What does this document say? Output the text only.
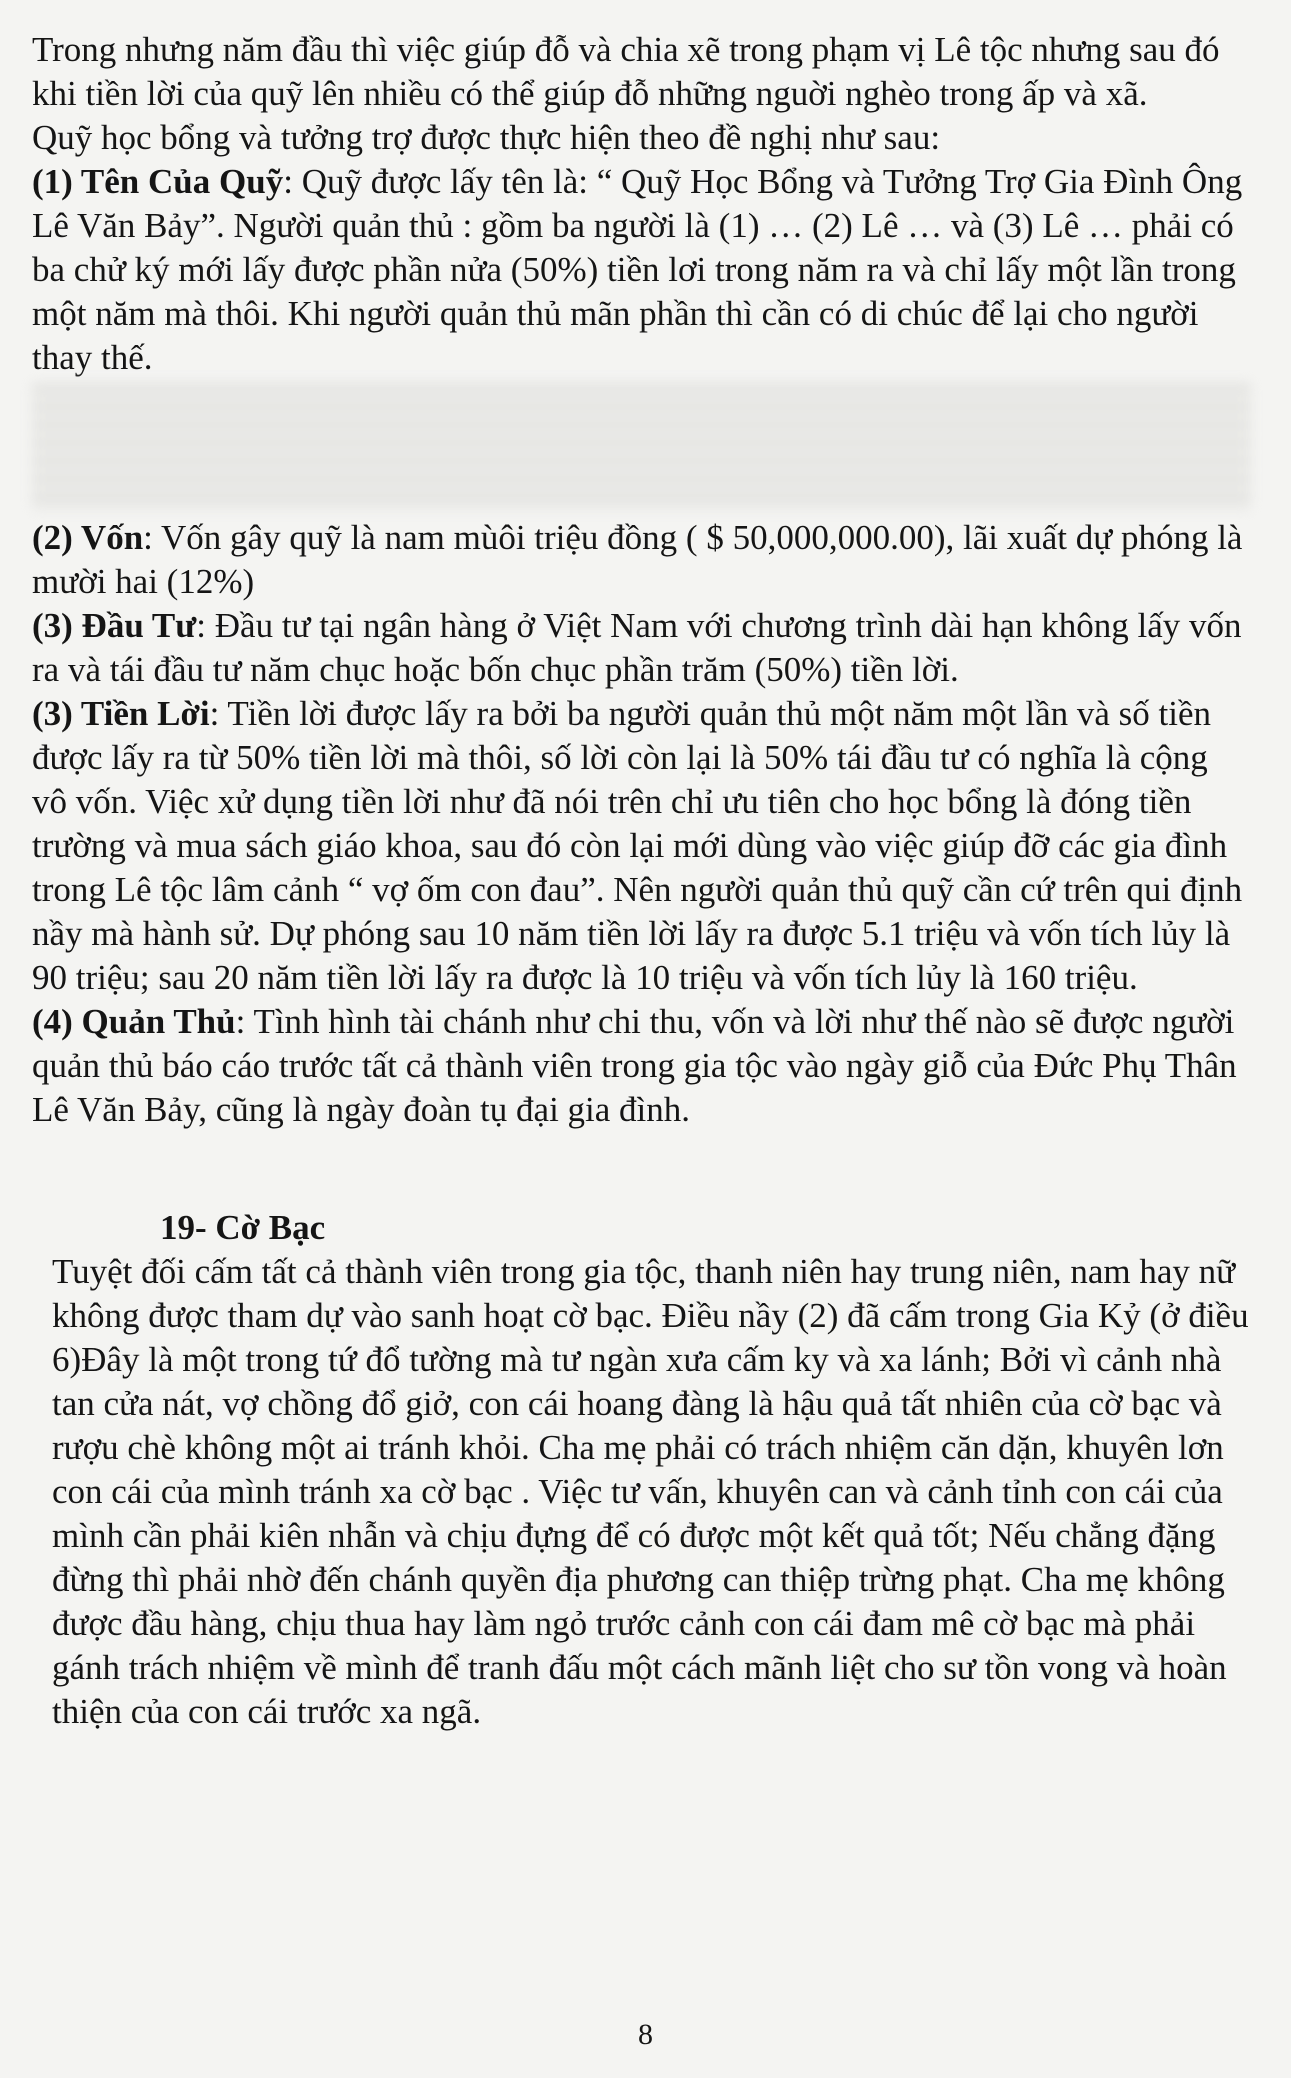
Trong nhưng năm đầu thì việc giúp đỗ và chia xẽ trong phạm vị Lê tộc nhưng sau đó khi tiền lời của quỹ lên nhiều có thể giúp đỗ những nguời nghèo trong ấp và xã.

Quỹ học bổng và tưởng trợ được thực hiện theo đề nghị như sau:

(1) Tên Của Quỹ: Quỹ được lấy tên là: “ Quỹ Học Bổng và Tưởng Trợ Gia Đình Ông Lê Văn Bảy”. Người quản thủ : gồm ba người là (1) … (2) Lê … và (3) Lê … phải có ba chử ký mới lấy được phần nửa (50%) tiền lơi trong năm ra và chỉ lấy một lần trong một năm mà thôi. Khi người quản thủ mãn phần thì cần có di chúc để lại cho người thay thế.

(2) Vốn: Vốn gây quỹ là nam mùôi triệu đồng ( $ 50,000,000.00), lãi xuất dự phóng là mười hai (12%)

(3) Đầu Tư: Đầu tư tại ngân hàng ở Việt Nam với chương trình dài hạn không lấy vốn ra và tái đầu tư năm chục hoặc bốn chục phần trăm (50%) tiền lời.

(3) Tiền Lời: Tiền lời được lấy ra bởi ba người quản thủ một năm một lần và số tiền được lấy ra từ 50% tiền lời mà thôi, số lời còn lại là 50% tái đầu tư có nghĩa là cộng vô vốn. Việc xử dụng tiền lời như đã nói trên chỉ ưu tiên cho học bổng là đóng tiền trường và mua sách giáo khoa, sau đó còn lại mới dùng vào việc giúp đỡ các gia đình trong Lê tộc lâm cảnh “ vợ ốm con đau”. Nên người quản thủ quỹ cần cứ trên qui định nầy mà hành sử. Dự phóng sau 10 năm tiền lời lấy ra được 5.1 triệu và vốn tích lủy là 90 triệu; sau 20 năm tiền lời lấy ra được là 10 triệu và vốn tích lủy là 160 triệu.

(4) Quản Thủ: Tình hình tài chánh như chi thu, vốn và lời như thế nào sẽ được người quản thủ báo cáo trước tất cả thành viên trong gia tộc vào ngày giỗ của Đức Phụ Thân Lê Văn Bảy, cũng là ngày đoàn tụ đại gia đình.

19- Cờ Bạc

Tuyệt đối cấm tất cả thành viên trong gia tộc, thanh niên hay trung niên, nam hay nữ không được tham dự vào sanh hoạt cờ bạc. Điều nầy (2) đã cấm trong Gia Kỷ (ở điều 6)Đây là một trong tứ đổ tường mà tư ngàn xưa cấm ky và xa lánh; Bởi vì cảnh nhà tan cửa nát, vợ chồng đổ giở, con cái hoang đàng là hậu quả tất nhiên của cờ bạc và rượu chè không một ai tránh khỏi. Cha mẹ phải có trách nhiệm căn dặn, khuyên lơn con cái của mình tránh xa cờ bạc . Việc tư vấn, khuyên can và cảnh tỉnh con cái của mình cần phải kiên nhẫn và chịu đựng để có được một kết quả tốt; Nếu chẳng đặng đừng thì phải nhờ đến chánh quyền địa phương can thiệp trừng phạt. Cha mẹ không được đầu hàng, chịu thua hay làm ngỏ trước cảnh con cái đam mê cờ bạc mà phải gánh trách nhiệm về mình để tranh đấu một cách mãnh liệt cho sư tồn vong và hoàn thiện của con cái trước xa ngã.

8
